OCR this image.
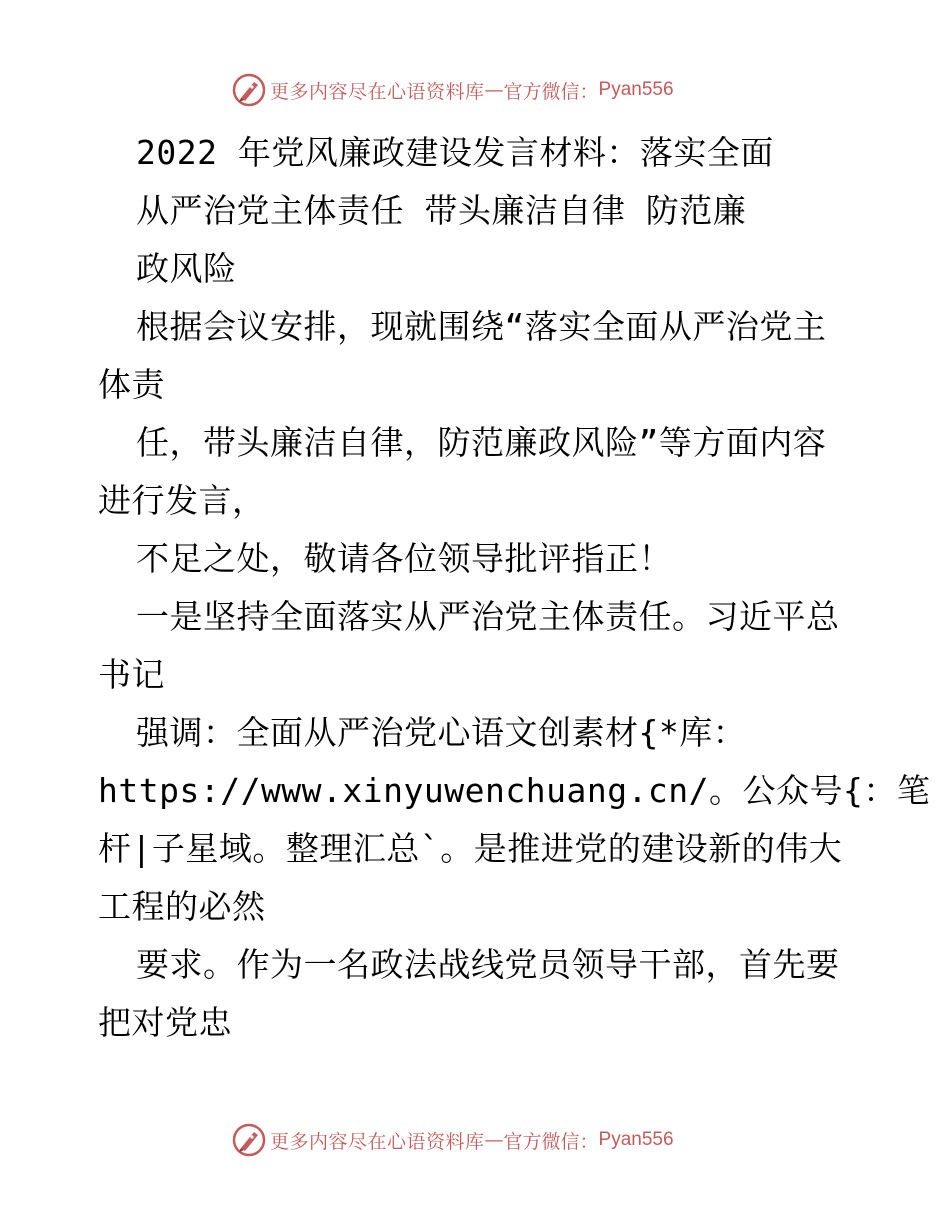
更多内容尽在心语资料库 — 官方微信： Pyan556
2022 年党风廉政建设发言材料：落实全面
从严治党主体责任 带头廉洁自律 防范廉
政风险
根据会议安排，现就围绕“落实全面从严治党主
体责
任，带头廉洁自律，防范廉政风险”等方面内容
进行发言，
不足之处，敬请各位领导批评指正！
一是坚持全面落实从严治党主体责任。习近平总
书记
强调：全面从严治党心语文创素材{*库：
https://www.xinyuwenchuang.cn/。公众号{：笔
杆|子星域。整理汇总`。是推进党的建设新的伟大
工程的必然
要求。作为一名政法战线党员领导干部，首先要
把对党忠
更多内容尽在心语资料库 — 官方微信： Pyan556
